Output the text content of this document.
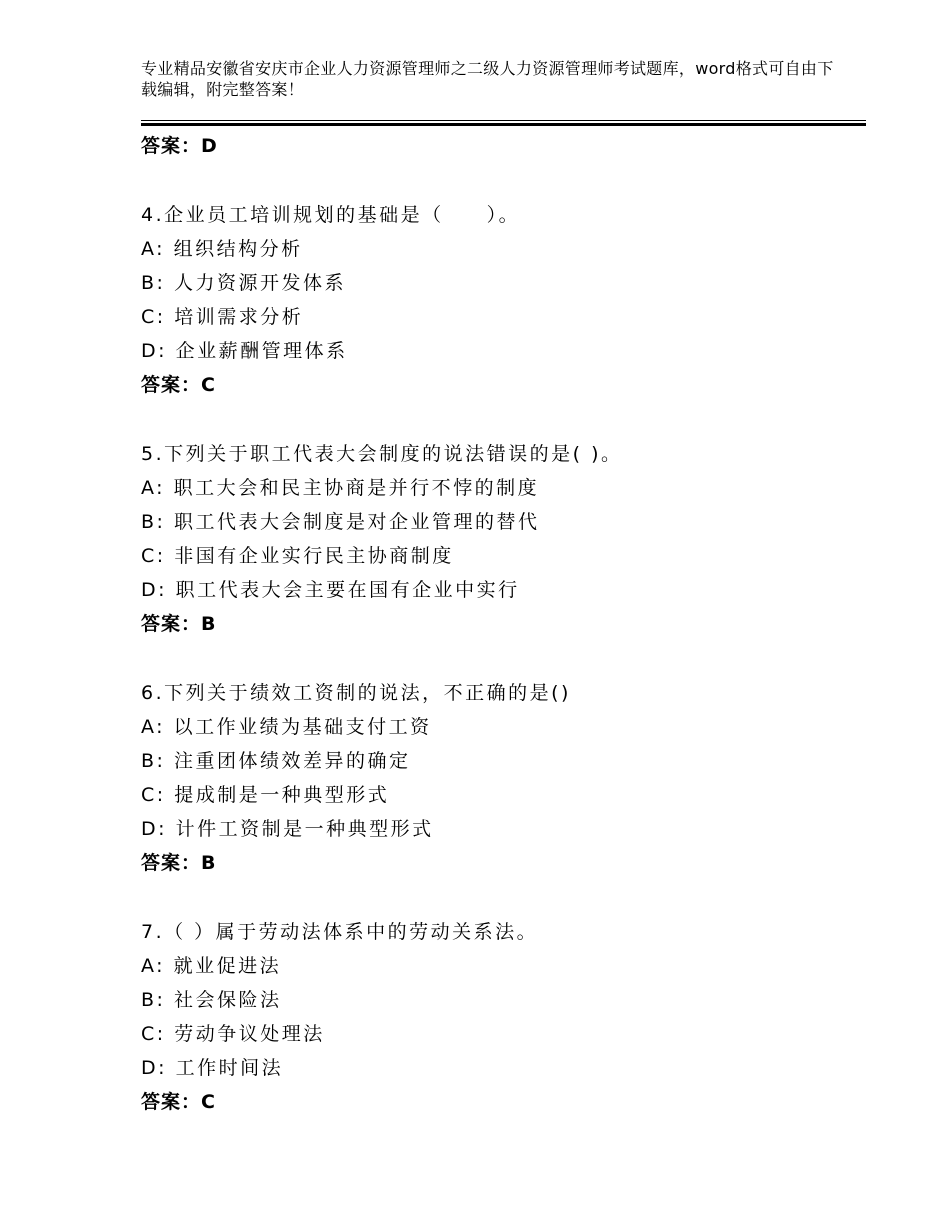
专业精品安徽省安庆市企业人力资源管理师之二级人力资源管理师考试题库，word格式可自由下载编辑，附完整答案！
答案：D
4.企业员工培训规划的基础是（　　）。
A: 组织结构分析
B: 人力资源开发体系
C: 培训需求分析
D: 企业薪酬管理体系
答案：C
5.下列关于职工代表大会制度的说法错误的是( )。
A: 职工大会和民主协商是并行不悖的制度
B: 职工代表大会制度是对企业管理的替代
C: 非国有企业实行民主协商制度
D: 职工代表大会主要在国有企业中实行
答案：B
6.下列关于绩效工资制的说法，不正确的是()
A: 以工作业绩为基础支付工资
B: 注重团体绩效差异的确定
C: 提成制是一种典型形式
D: 计件工资制是一种典型形式
答案：B
7.（ ）属于劳动法体系中的劳动关系法。
A: 就业促进法
B: 社会保险法
C: 劳动争议处理法
D: 工作时间法
答案：C
